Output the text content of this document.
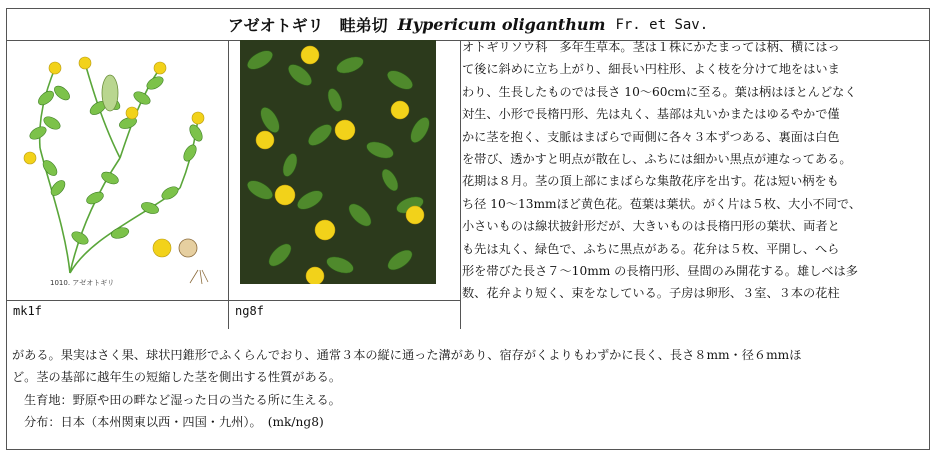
アゼオトギリ　畦弟切 Hypericum oliganthum Fr. et Sav.
mk1f	ng8f
1010. アゼオトギリ
オトギリソウ科　多年生草本。茎は１株にかたまっては柄、横にはっ
て後に斜めに立ち上がり、細長い円柱形、よく枝を分けて地をはいま
わり、生長したものでは長さ 10～60cmに至る。葉は柄はほとんどなく
対生、小形で長楕円形、先は丸く、基部は丸いかまたはゆるやかで僅
かに茎を抱く、支脈はまばらで両側に各々３本ずつある、裏面は白色
を帯び、透かすと明点が散在し、ふちには細かい黒点が連なってある。
花期は８月。茎の頂上部にまばらな集散花序を出す。花は短い柄をも
ち径 10～13mmほど黄色花。苞葉は葉状。がく片は５枚、大小不同で、
小さいものは線状披針形だが、大きいものは長楕円形の葉状、両者と
も先は丸く、緑色で、ふちに黒点がある。花弁は５枚、平開し、へら
形を帯びた長さ７～10mm の長楕円形、昼間のみ開花する。雄しべは多
数、花弁より短く、束をなしている。子房は卵形、３室、３本の花柱
がある。果実はさく果、球状円錐形でふくらんでおり、通常３本の縦に通った溝があり、宿存がくよりもわずかに長く、長さ８mm・径６mmほ
ど。茎の基部に越年生の短縮した茎を側出する性質がある。
生育地：野原や田の畔など湿った日の当たる所に生える。
分布：日本（本州関東以西・四国・九州）。　(mk/ng8)
